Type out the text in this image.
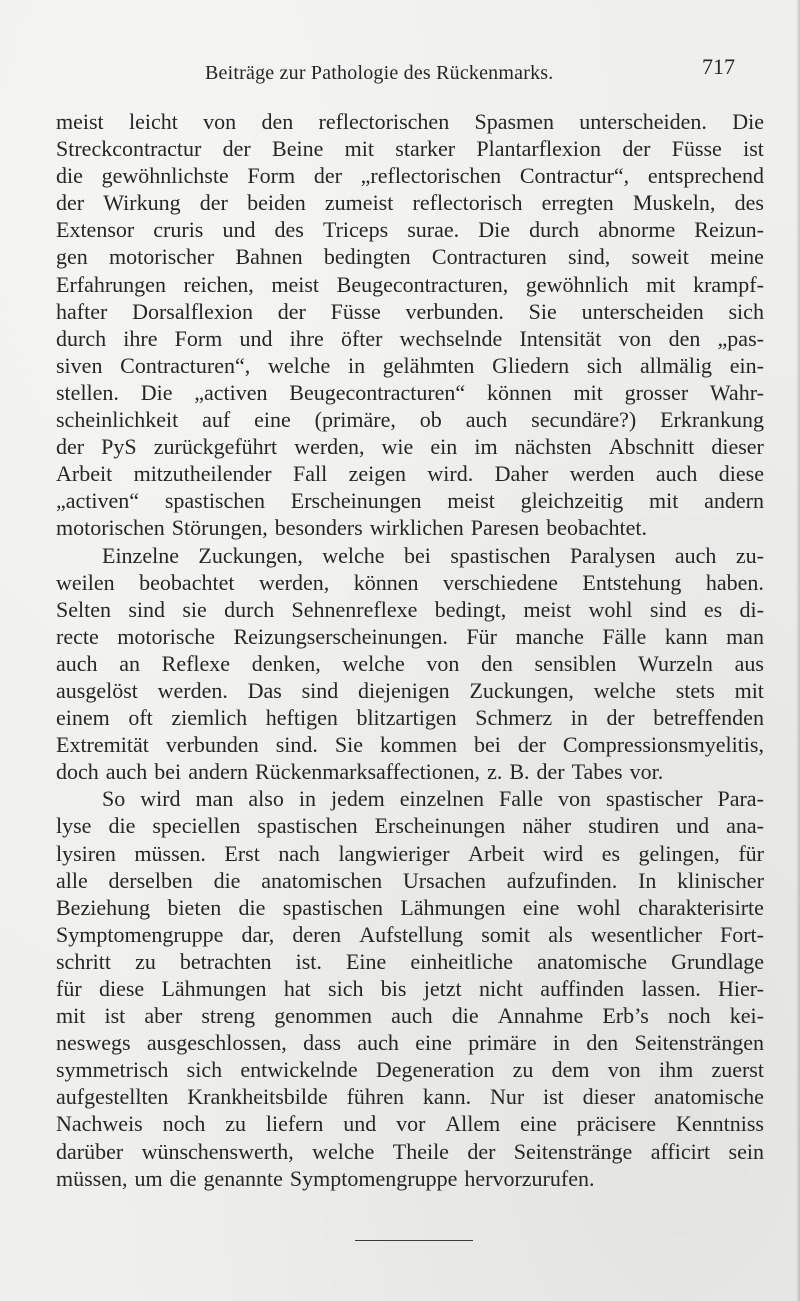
Beiträge zur Pathologie des Rückenmarks.	717
meist leicht von den reflectorischen Spasmen unterscheiden. Die
Streckcontractur der Beine mit starker Plantarflexion der Füsse ist
die gewöhnlichste Form der „reflectorischen Contractur“, entsprechend
der Wirkung der beiden zumeist reflectorisch erregten Muskeln, des
Extensor cruris und des Triceps surae. Die durch abnorme Reizun-
gen motorischer Bahnen bedingten Contracturen sind, soweit meine
Erfahrungen reichen, meist Beugecontracturen, gewöhnlich mit krampf-
hafter Dorsalflexion der Füsse verbunden. Sie unterscheiden sich
durch ihre Form und ihre öfter wechselnde Intensität von den „pas-
siven Contracturen“, welche in gelähmten Gliedern sich allmälig ein-
stellen. Die „activen Beugecontracturen“ können mit grosser Wahr-
scheinlichkeit auf eine (primäre, ob auch secundäre?) Erkrankung
der PyS zurückgeführt werden, wie ein im nächsten Abschnitt dieser
Arbeit mitzutheilender Fall zeigen wird. Daher werden auch diese
„activen“ spastischen Erscheinungen meist gleichzeitig mit andern
motorischen Störungen, besonders wirklichen Paresen beobachtet.
Einzelne Zuckungen, welche bei spastischen Paralysen auch zu-
weilen beobachtet werden, können verschiedene Entstehung haben.
Selten sind sie durch Sehnenreflexe bedingt, meist wohl sind es di-
recte motorische Reizungserscheinungen. Für manche Fälle kann man
auch an Reflexe denken, welche von den sensiblen Wurzeln aus
ausgelöst werden. Das sind diejenigen Zuckungen, welche stets mit
einem oft ziemlich heftigen blitzartigen Schmerz in der betreffenden
Extremität verbunden sind. Sie kommen bei der Compressionsmyelitis,
doch auch bei andern Rückenmarksaffectionen, z. B. der Tabes vor.
So wird man also in jedem einzelnen Falle von spastischer Para-
lyse die speciellen spastischen Erscheinungen näher studiren und ana-
lysiren müssen. Erst nach langwieriger Arbeit wird es gelingen, für
alle derselben die anatomischen Ursachen aufzufinden. In klinischer
Beziehung bieten die spastischen Lähmungen eine wohl charakterisirte
Symptomengruppe dar, deren Aufstellung somit als wesentlicher Fort-
schritt zu betrachten ist. Eine einheitliche anatomische Grundlage
für diese Lähmungen hat sich bis jetzt nicht auffinden lassen. Hier-
mit ist aber streng genommen auch die Annahme Erb’s noch kei-
neswegs ausgeschlossen, dass auch eine primäre in den Seitensträngen
symmetrisch sich entwickelnde Degeneration zu dem von ihm zuerst
aufgestellten Krankheitsbilde führen kann. Nur ist dieser anatomische
Nachweis noch zu liefern und vor Allem eine präcisere Kenntniss
darüber wünschenswerth, welche Theile der Seitenstränge afficirt sein
müssen, um die genannte Symptomengruppe hervorzurufen.
